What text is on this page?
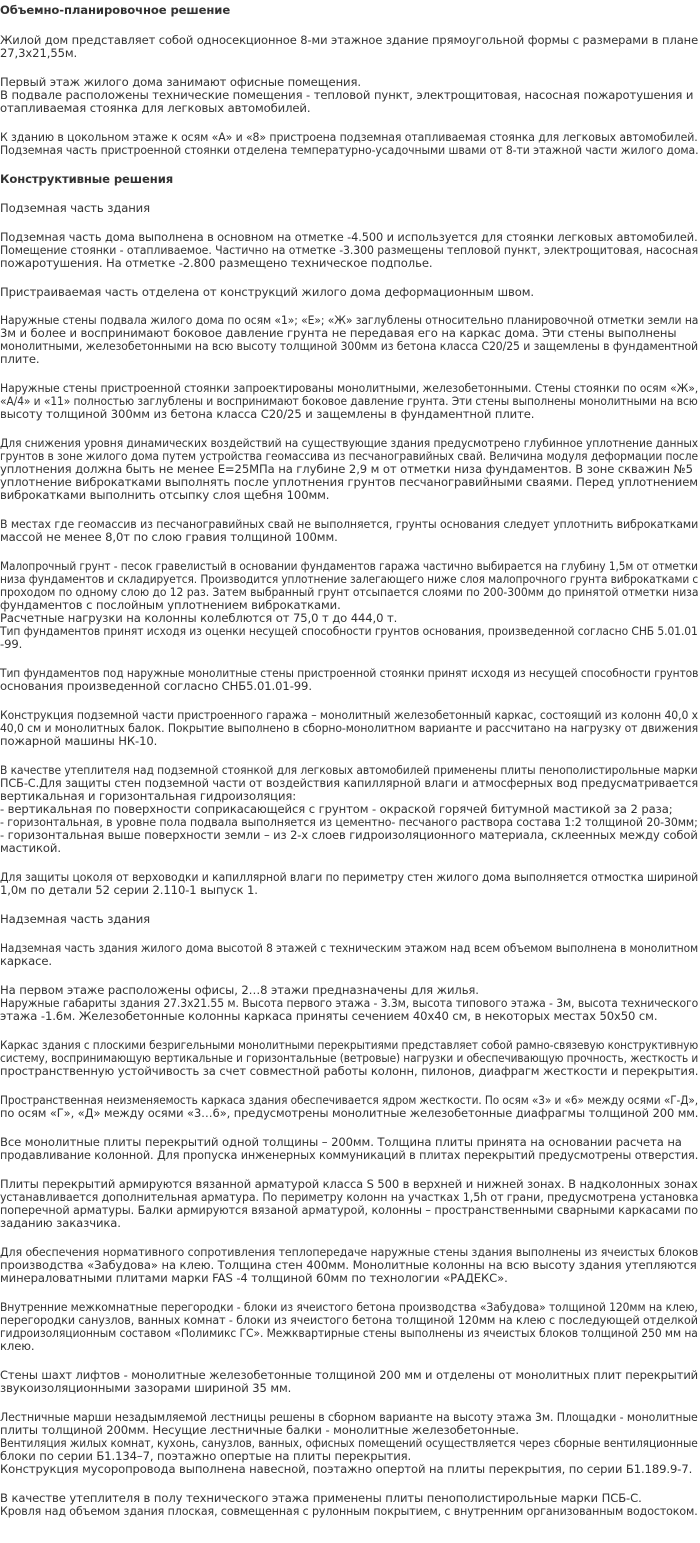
Объемно-планировочное решение
Жилой дом представляет собой односекционное 8-ми этажное здание прямоугольной формы с размерами в плане
27,3х21,55м.
Первый этаж жилого дома занимают офисные помещения.
В подвале расположены технические помещения - тепловой пункт, электрощитовая, насосная пожаротушения и
отапливаемая стоянка для легковых автомобилей.
К зданию в цокольном этаже к осям «А» и «8» пристроена подземная отапливаемая стоянка для легковых автомобилей.
Подземная часть пристроенной стоянки отделена температурно-усадочными швами от 8-ти этажной части жилого дома.
Конструктивные решения
Подземная часть здания
Подземная часть дома выполнена в основном на отметке -4.500 и используется для стоянки легковых автомобилей.
Помещение стоянки - отапливаемое. Частично на отметке -3.300 размещены тепловой пункт, электрощитовая, насосная
пожаротушения. На отметке -2.800 размещено техническое подполье.
Пристраиваемая часть отделена от конструкций жилого дома деформационным швом.
Наружные стены подвала жилого дома по осям «1»; «Е»; «Ж» заглублены относительно планировочной отметки земли на
3м и более и воспринимают боковое давление грунта не передавая его на каркас дома. Эти стены выполнены
монолитными, железобетонными на всю высоту толщиной 300мм из бетона класса С20/25 и защемлены в фундаментной
плите.
Наружные стены пристроенной стоянки запроектированы монолитными, железобетонными. Стены стоянки по осям «Ж»,
«А/4» и «11» полностью заглублены и воспринимают боковое давление грунта. Эти стены выполнены монолитными на всю
высоту толщиной 300мм из бетона класса С20/25 и защемлены в фундаментной плите.
Для снижения уровня динамических воздействий на существующие здания предусмотрено глубинное уплотнение данных
грунтов в зоне жилого дома путем устройства геомассива из песчаногравийных свай. Величина модуля деформации после
уплотнения должна быть не менее Е=25МПа на глубине 2,9 м от отметки низа фундаментов. В зоне скважин №5
уплотнение виброкатками выполнять после уплотнения грунтов песчаногравийными сваями. Перед уплотнением
виброкатками выполнить отсыпку слоя щебня 100мм.
В местах где геомассив из песчаногравийных свай не выполняется, грунты основания следует уплотнить виброкатками
массой не менее 8,0т по слою гравия толщиной 100мм.
Малопрочный грунт - песок гравелистый в основании фундаментов гаража частично выбирается на глубину 1,5м от отметки
низа фундаментов и складируется. Производится уплотнение залегающего ниже слоя малопрочного грунта виброкатками с
проходом по одному слою до 12 раз. Затем выбранный грунт отсыпается слоями по 200-300мм до принятой отметки низа
фундаментов с послойным уплотнением виброкатками.
Расчетные нагрузки на колонны колеблются от 75,0 т до 444,0 т.
Тип фундаментов принят исходя из оценки несущей способности грунтов основания, произведенной согласно СНБ 5.01.01
-99.
Тип фундаментов под наружные монолитные стены пристроенной стоянки принят исходя из несущей способности грунтов
основания произведенной согласно СНБ5.01.01-99.
Конструкция подземной части пристроенного гаража – монолитный железобетонный каркас, состоящий из колонн 40,0 х
40,0 см и монолитных балок. Покрытие выполнено в сборно-монолитном варианте и рассчитано на нагрузку от движения
пожарной машины НК-10.
В качестве утеплителя над подземной стоянкой для легковых автомобилей применены плиты пенополистирольные марки
ПСБ-С.Для защиты стен подземной части от воздействия капиллярной влаги и атмосферных вод предусматривается
вертикальная и горизонтальная гидроизоляция:
- вертикальная по поверхности соприкасающейся с грунтом - окраской горячей битумной мастикой за 2 раза;
- горизонтальная, в уровне пола подвала выполняется из цементно- песчаного раствора состава 1:2 толщиной 20-30мм;
- горизонтальная выше поверхности земли – из 2-х слоев гидроизоляционного материала, склеенных между собой
мастикой.
Для защиты цоколя от верховодки и капиллярной влаги по периметру стен жилого дома выполняется отмостка шириной
1,0м по детали 52 серии 2.110-1 выпуск 1.
Надземная часть здания
Надземная часть здания жилого дома высотой 8 этажей с техническим этажом над всем объемом выполнена в монолитном
каркасе.
На первом этаже расположены офисы, 2…8 этажи предназначены для жилья.
Наружные габариты здания 27.3х21.55 м. Высота первого этажа - 3.3м, высота типового этажа - 3м, высота технического
этажа -1.6м. Железобетонные колонны каркаса приняты сечением 40х40 см, в некоторых местах 50х50 см.
Каркас здания с плоскими безригельными монолитными перекрытиями представляет собой рамно-связевую конструктивную
систему, воспринимающую вертикальные и горизонтальные (ветровые) нагрузки и обеспечивающую прочность, жесткость и
пространственную устойчивость за счет совместной работы колонн, пилонов, диафрагм жесткости и перекрытия.
Пространственная неизменяемость каркаса здания обеспечивается ядром жесткости. По осям «3» и «6» между осями «Г-Д»,
по осям «Г», «Д» между осями «3…6», предусмотрены монолитные железобетонные диафрагмы толщиной 200 мм.
Все монолитные плиты перекрытий одной толщины – 200мм. Толщина плиты принята на основании расчета на
продавливание колонной. Для пропуска инженерных коммуникаций в плитах перекрытий предусмотрены отверстия.
Плиты перекрытий армируются вязанной арматурой класса S 500 в верхней и нижней зонах. В надколонных зонах
устанавливается дополнительная арматура. По периметру колонн на участках 1,5h от грани, предусмотрена установка
поперечной арматуры. Балки армируются вязаной арматурой, колонны – пространственными сварными каркасами по
заданию заказчика.
Для обеспечения нормативного сопротивления теплопередаче наружные стены здания выполнены из ячеистых блоков
производства «Забудова» на клею. Толщина стен 400мм. Монолитные колонны на всю высоту здания утепляются
минераловатными плитами марки FAS -4 толщиной 60мм по технологии «РАДЕКС».
Внутренние межкомнатные перегородки - блоки из ячеистого бетона производства «Забудова» толщиной 120мм на клею,
перегородки санузлов, ванных комнат - блоки из ячеистого бетона толщиной 120мм на клею с последующей отделкой
гидроизоляционным составом «Полимикс ГС». Межквартирные стены выполнены из ячеистых блоков толщиной 250 мм на
клею.
Стены шахт лифтов - монолитные железобетонные толщиной 200 мм и отделены от монолитных плит перекрытий
звукоизоляционными зазорами шириной 35 мм.
Лестничные марши незадымляемой лестницы решены в сборном варианте на высоту этажа 3м. Площадки - монолитные
плиты толщиной 200мм. Несущие лестничные балки - монолитные железобетонные.
Вентиляция жилых комнат, кухонь, санузлов, ванных, офисных помещений осуществляется через сборные вентиляционные
блоки по серии Б1.134–7, поэтажно опертые на плиты перекрытия.
Конструкция мусоропровода выполнена навесной, поэтажно опертой на плиты перекрытия, по серии Б1.189.9-7.
В качестве утеплителя в полу технического этажа применены плиты пенополистирольные марки ПСБ-С.
Кровля над объемом здания плоская, совмещенная с рулонным покрытием, с внутренним организованным водостоком.
